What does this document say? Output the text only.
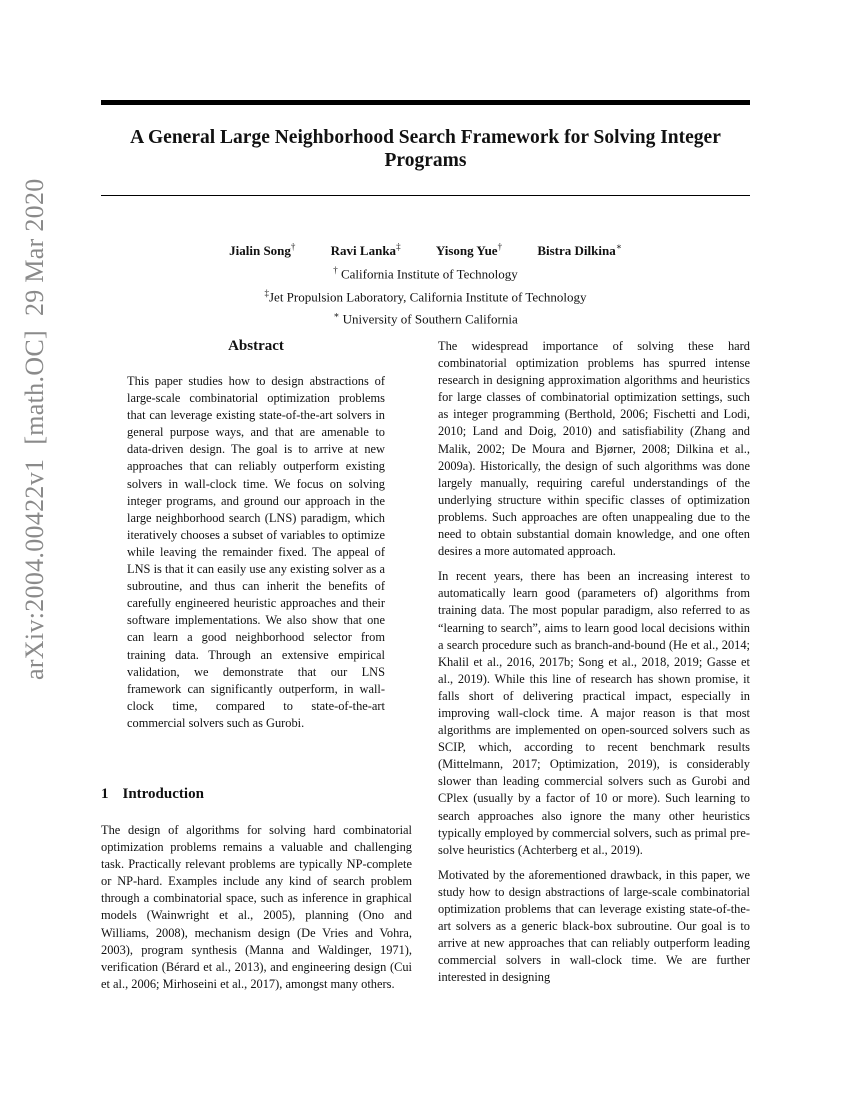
arXiv:2004.00422v1[math.OC]29 Mar 2020
A General Large Neighborhood Search Framework for Solving Integer Programs
Jialin Song†	Ravi Lanka‡	Yisong Yue†	Bistra Dilkina∗
† California Institute of Technology
‡Jet Propulsion Laboratory, California Institute of Technology
∗ University of Southern California
Abstract

This paper studies how to design abstractions of large-scale combinatorial optimization problems that can leverage existing state-of-the-art solvers in general purpose ways, and that are amenable to data-driven design. The goal is to arrive at new approaches that can reliably outperform existing solvers in wall-clock time. We focus on solving integer programs, and ground our approach in the large neighborhood search (LNS) paradigm, which iteratively chooses a subset of variables to optimize while leaving the remainder fixed. The appeal of LNS is that it can easily use any existing solver as a subroutine, and thus can inherit the benefits of carefully engineered heuristic approaches and their software implementations. We also show that one can learn a good neighborhood selector from training data. Through an extensive empirical validation, we demonstrate that our LNS framework can significantly outperform, in wall-clock time, compared to state-of-the-art commercial solvers such as Gurobi.

1 Introduction

The design of algorithms for solving hard combinatorial optimization problems remains a valuable and challenging task. Practically relevant problems are typically NP-complete or NP-hard. Examples include any kind of search problem through a combinatorial space, such as inference in graphical models (Wainwright et al., 2005), planning (Ono and Williams, 2008), mechanism design (De Vries and Vohra, 2003), program synthesis (Manna and Waldinger, 1971), verification (Bérard et al., 2013), and engineering design (Cui et al., 2006; Mirhoseini et al., 2017), amongst many others.

The widespread importance of solving these hard combinatorial optimization problems has spurred intense research in designing approximation algorithms and heuristics for large classes of combinatorial optimization settings, such as integer programming (Berthold, 2006; Fischetti and Lodi, 2010; Land and Doig, 2010) and satisfiability (Zhang and Malik, 2002; De Moura and Bjørner, 2008; Dilkina et al., 2009a). Historically, the design of such algorithms was done largely manually, requiring careful understandings of the underlying structure within specific classes of optimization problems. Such approaches are often unappealing due to the need to obtain substantial domain knowledge, and one often desires a more automated approach.

In recent years, there has been an increasing interest to automatically learn good (parameters of) algorithms from training data. The most popular paradigm, also referred to as “learning to search”, aims to learn good local decisions within a search procedure such as branch-and-bound (He et al., 2014; Khalil et al., 2016, 2017b; Song et al., 2018, 2019; Gasse et al., 2019). While this line of research has shown promise, it falls short of delivering practical impact, especially in improving wall-clock time. A major reason is that most algorithms are implemented on open-sourced solvers such as SCIP, which, according to recent benchmark results (Mittelmann, 2017; Optimization, 2019), is considerably slower than leading commercial solvers such as Gurobi and CPlex (usually by a factor of 10 or more). Such learning to search approaches also ignore the many other heuristics typically employed by commercial solvers, such as primal pre-solve heuristics (Achterberg et al., 2019).

Motivated by the aforementioned drawback, in this paper, we study how to design abstractions of large-scale combinatorial optimization problems that can leverage existing state-of-the-art solvers as a generic black-box subroutine. Our goal is to arrive at new approaches that can reliably outperform leading commercial solvers in wall-clock time. We are further interested in designing
